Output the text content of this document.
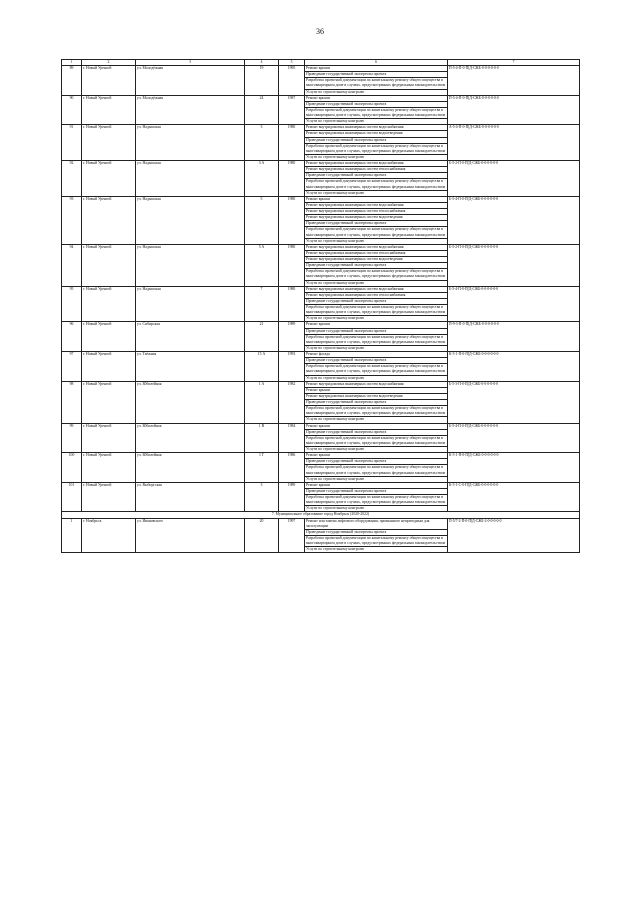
36
1	2	3	4	5	6	7
89	г. Новый Уренгой	ул. Молодёжная	19	1995	Ремонт крыши	П-5-4-П-0-П[Д-СЖБ-0-0-0-0-0-0
					Проведение государственной экспертизы проекта	
					Разработка проектной документации по капитальному ремонту общего имущества в многоквартирном доме в случаях, предусмотренных федеральным законодательством	
					Услуги по строительному контролю	
90	г. Новый Уренгой	ул. Молодёжная	24	1987	Ремонт крыши	П-5-4-П-0-П[Д-СЖБ-0-0-0-0-0-0
					Проведение государственной экспертизы проекта	
					Разработка проектной документации по капитальному ремонту общего имущества в многоквартирном доме в случаях, предусмотренных федеральным законодательством	
					Услуги по строительному контролю	
91	г. Новый Уренгой	ул. Надымская	3	1980	Ремонт внутридомовых инженерных систем водоснабжения	А-5-4-П-0-П[Д-СЖБ-0-0-0-0-0-0
					Ремонт внутридомовых инженерных систем водоотведения	
					Проведение государственной экспертизы проекта	
					Разработка проектной документации по капитальному ремонту общего имущества в многоквартирном доме в случаях, предусмотренных федеральным законодательством	
					Услуги по строительному контролю	
92	г. Новый Уренгой	ул. Надымская	3 А	1980	Ремонт внутридомовых инженерных систем водоснабжения	Б-5-2-П-0-П[Д-СЖБ-0-0-0-0-0-0
					Ремонт внутридомовых инженерных систем теплоснабжения	
					Проведение государственной экспертизы проекта	
					Разработка проектной документации по капитальному ремонту общего имущества в многоквартирном доме в случаях, предусмотренных федеральным законодательством	
					Услуги по строительному контролю	
93	г. Новый Уренгой	ул. Надымская	5	1980	Ремонт крыши	Б-5-4-П-0-П[Д-СЖБ-0-0-0-0-0-0
					Ремонт внутридомовых инженерных систем водоснабжения	
					Ремонт внутридомовых инженерных систем теплоснабжения	
					Ремонт внутридомовых инженерных систем водоотведения	
					Проведение государственной экспертизы проекта	
					Разработка проектной документации по капитальному ремонту общего имущества в многоквартирном доме в случаях, предусмотренных федеральным законодательством	
					Услуги по строительному контролю	
94	г. Новый Уренгой	ул. Надымская	5 А	1980	Ремонт внутридомовых инженерных систем водоснабжения	Б-5-2-П-0-П[Д-СЖБ-0-0-0-0-0-0
					Ремонт внутридомовых инженерных систем теплоснабжения	
					Ремонт внутридомовых инженерных систем водоотведения	
					Проведение государственной экспертизы проекта	
					Разработка проектной документации по капитальному ремонту общего имущества в многоквартирном доме в случаях, предусмотренных федеральным законодательством	
					Услуги по строительному контролю	
95	г. Новый Уренгой	ул. Надымская	7	1980	Ремонт внутридомовых инженерных систем водоснабжения	Б-5-4-П-0-П[Д-СЖБ-0-0-0-0-0-0
					Ремонт внутридомовых инженерных систем теплоснабжения	
					Проведение государственной экспертизы проекта	
					Разработка проектной документации по капитальному ремонту общего имущества в многоквартирном доме в случаях, предусмотренных федеральным законодательством	
					Услуги по строительному контролю	
96	г. Новый Уренгой	ул. Сибирская	21	1989	Ремонт крыши	П-9-3-П-0-П[Д-СЖБ-0-0-0-0-0-0
					Проведение государственной экспертизы проекта	
					Разработка проектной документации по капитальному ремонту общего имущества в многоквартирном доме в случаях, предусмотренных федеральным законодательством	
					Услуги по строительному контролю	
97	г. Новый Уренгой	ул. Таёжная	15 А	1993	Ремонт фасада	К-5-1-П-0-П[Д-СЖБ-0-0-0-0-0-0
					Проведение государственной экспертизы проекта	
					Разработка проектной документации по капитальному ремонту общего имущества в многоквартирном доме в случаях, предусмотренных федеральным законодательством	
					Услуги по строительному контролю	
98	г. Новый Уренгой	ул. Юбилейная	1 А	1982	Ремонт внутридомовых инженерных систем водоснабжения	Б-5-3-П-0-П[Д-СЖБ-0-0-0-0-0-0
					Ремонт крыши	
					Ремонт внутридомовых инженерных систем водоотведения	
					Проведение государственной экспертизы проекта	
					Разработка проектной документации по капитальному ремонту общего имущества в многоквартирном доме в случаях, предусмотренных федеральным законодательством	
					Услуги по строительному контролю	
99	г. Новый Уренгой	ул. Юбилейная	1 В	1984	Ремонт крыши	Б-5-4-П-0-П[Д-СЖБ-0-0-0-0-0-0
					Проведение государственной экспертизы проекта	
					Разработка проектной документации по капитальному ремонту общего имущества в многоквартирном доме в случаях, предусмотренных федеральным законодательством	
					Услуги по строительному контролю	
100	г. Новый Уренгой	ул. Юбилейная	1 Г	1986	Ремонт крыши	К-5-1-П-0-П[Д-СЖБ-0-0-0-0-0-0
					Проведение государственной экспертизы проекта	
					Разработка проектной документации по капитальному ремонту общего имущества в многоквартирном доме в случаях, предусмотренных федеральным законодательством	
					Услуги по строительному контролю	
101	г. Новый Уренгой	ул. Выборгская	3	1989	Ремонт крыши	К-5-1-С-0-П[Д-СЖБ-0-0-0-0-0-0
					Проведение государственной экспертизы проекта	
					Разработка проектной документации по капитальному ремонту общего имущества в многоквартирном доме в случаях, предусмотренных федеральным законодательством	
					Услуги по строительному контролю	
7. Муниципальное образование город Ноябрьск (2020-2022)						
1	г. Ноябрьск	ул. Ивановского	20	1997	Ремонт или замена лифтового оборудования, признанного непригодным для эксплуатации	П-5/7-2-П-0-П[Д-СЖБ-2-0-0-0-0-0
					Проведение государственной экспертизы проекта	
					Разработка проектной документации по капитальному ремонту общего имущества в многоквартирном доме в случаях, предусмотренных федеральным законодательством	
					Услуги по строительному контролю	
